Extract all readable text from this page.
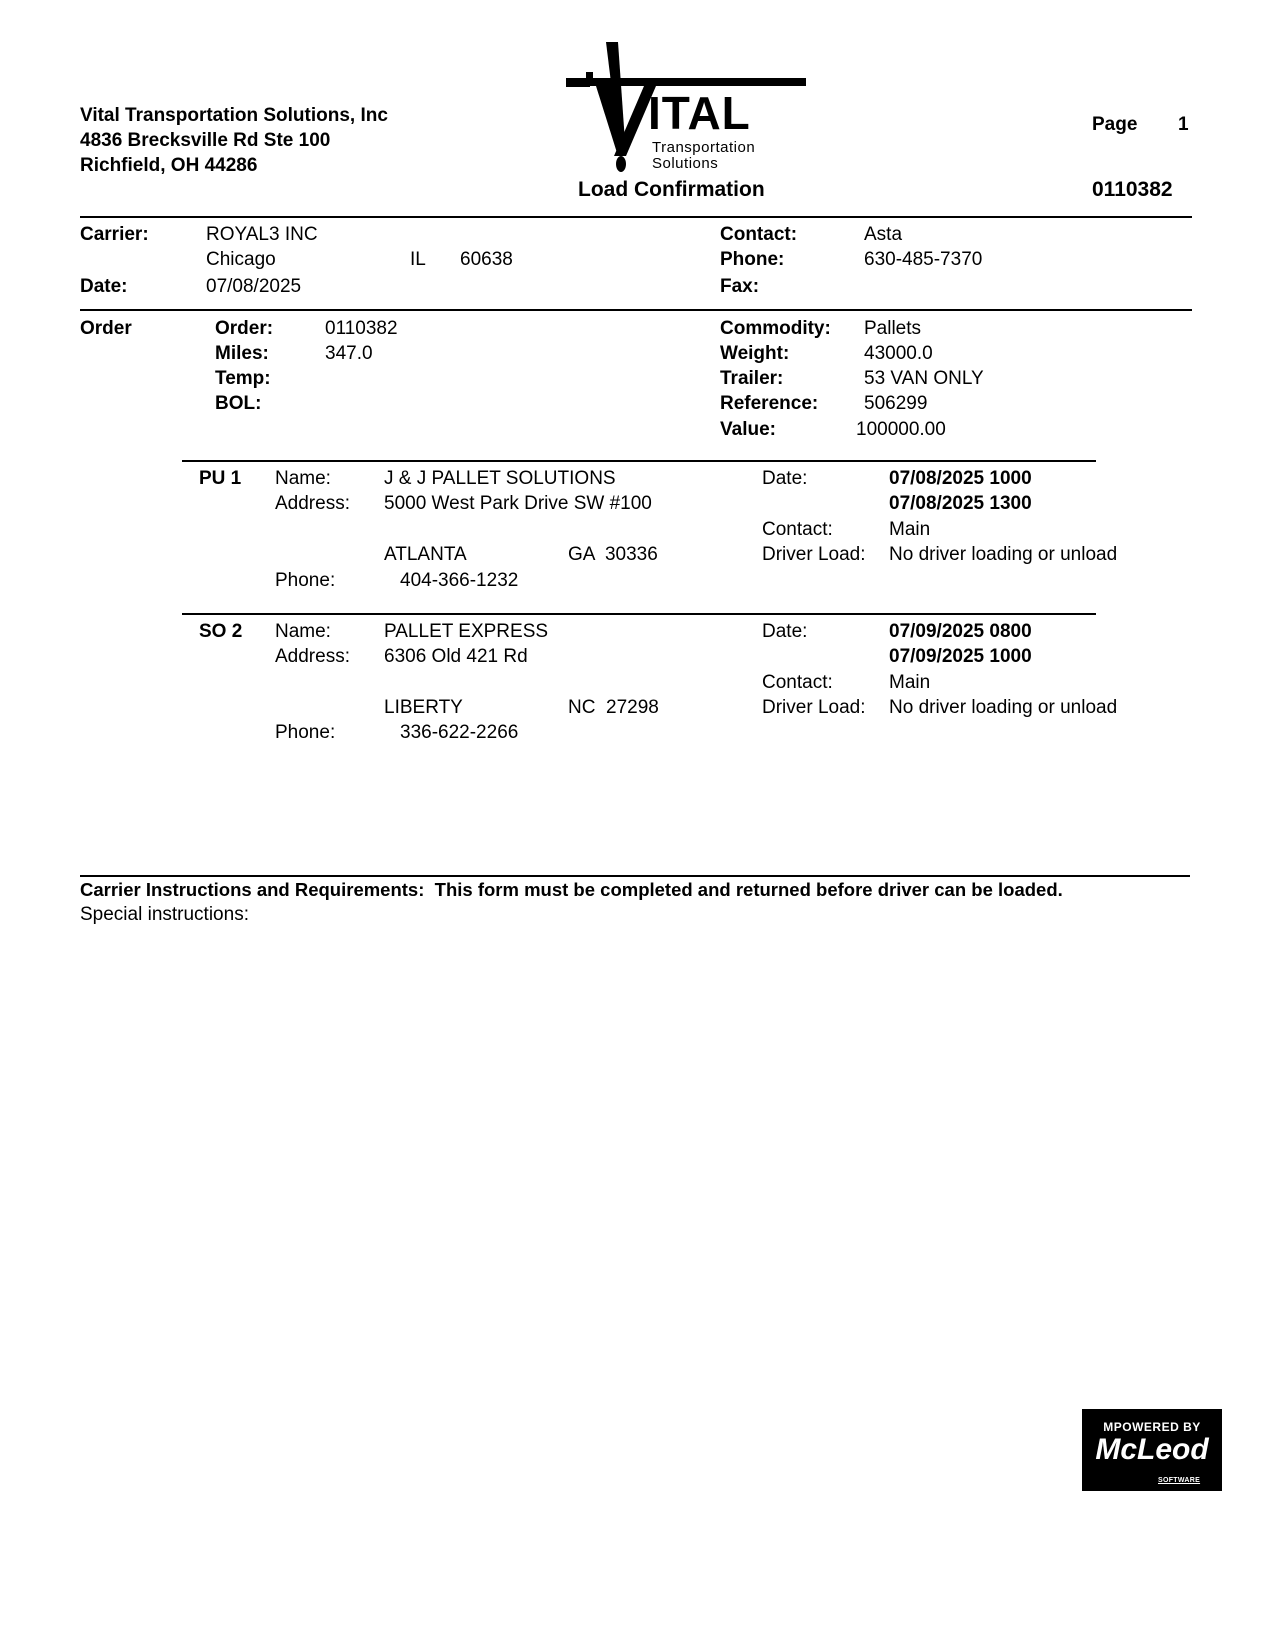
Vital Transportation Solutions, Inc
4836 Brecksville Rd Ste 100
Richfield, OH 44286
ITAL
Transportation
Solutions
Load Confirmation
Page 1
0110382
Carrier:	ROYAL3 INC
Chicago	IL 60638
Date:	07/08/2025
Contact:	Asta
Phone:	630-485-7370
Fax:
Order	Order:	0110382
Miles:	347.0
Temp:
BOL:
Commodity: Pallets
Weight:	43000.0
Trailer:	53 VAN ONLY
Reference: 506299
Value:	100000.00
PU 1 Name:	J & J PALLET SOLUTIONS
Address: 5000 West Park Drive SW #100
ATLANTA	GA  30336
Phone:	404-366-1232
Date:	07/08/2025 1000
07/08/2025 1300
Contact:	Main
Driver Load: No driver loading or unload
SO 2 Name:	PALLET EXPRESS
Address: 6306 Old 421 Rd
LIBERTY	NC  27298
Phone:	336-622-2266
Date:	07/09/2025 0800
07/09/2025 1000
Contact:	Main
Driver Load: No driver loading or unload
Carrier Instructions and Requirements:  This form must be completed and returned before driver can be loaded.
Special instructions:
MPOWERED BY
McLeod
SOFTWARE
